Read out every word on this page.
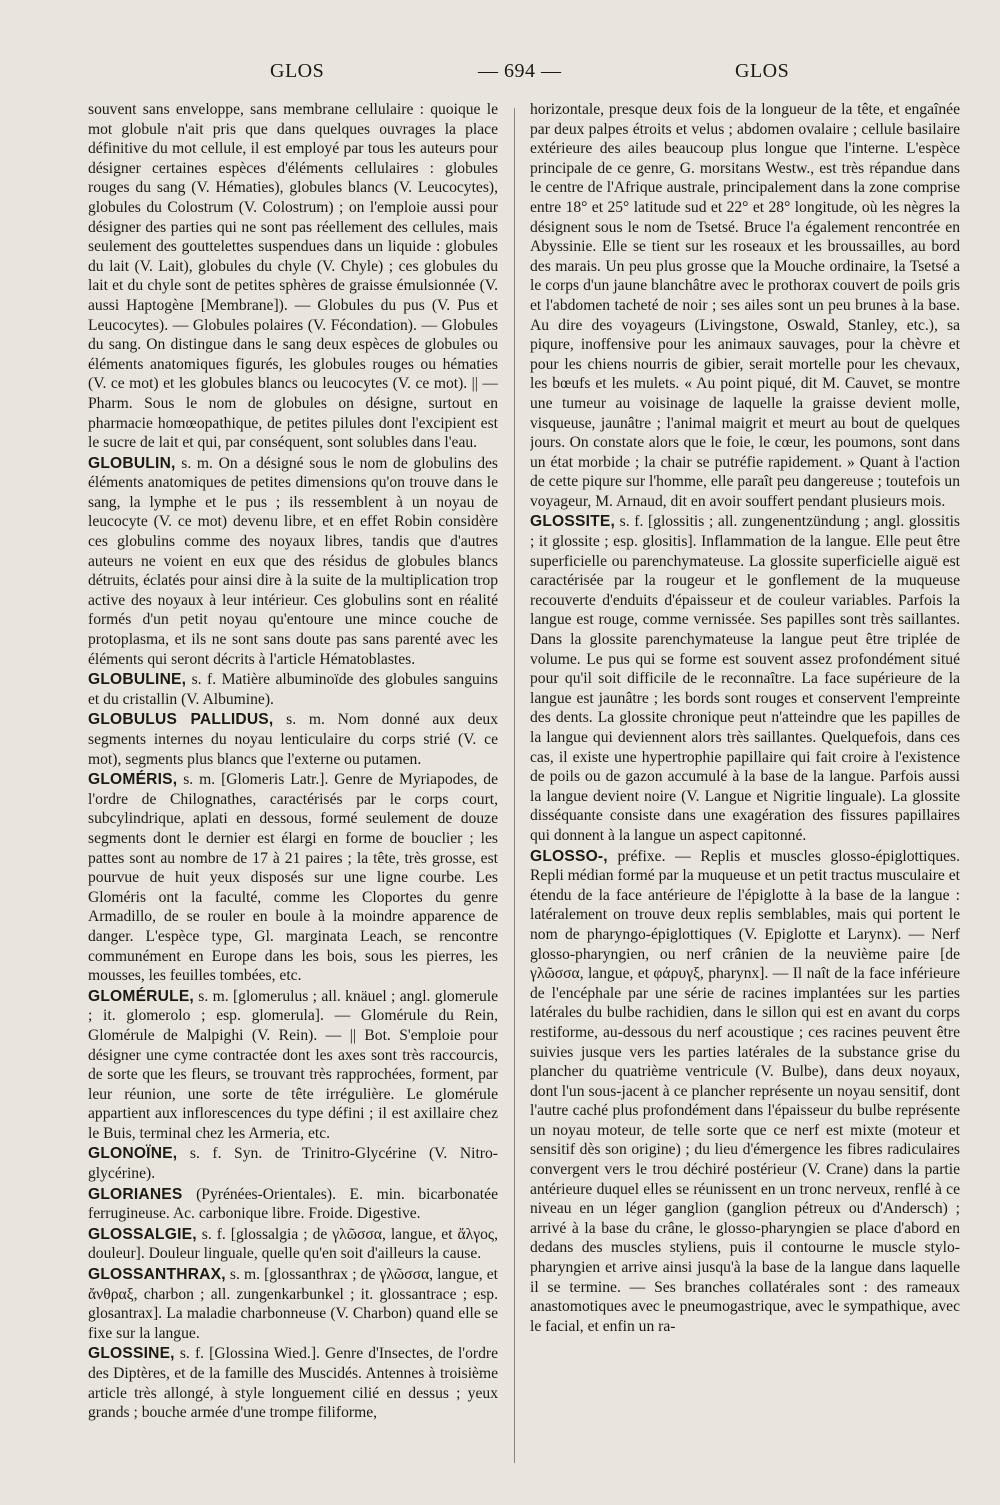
GLOS	— 694 —	GLOS

souvent sans enveloppe, sans membrane cellulaire : quoique le mot globule n'ait pris que dans quelques ouvrages la place définitive du mot cellule, il est employé par tous les auteurs pour désigner certaines espèces d'éléments cellulaires : globules rouges du sang (V. Hématies), globules blancs (V. Leucocytes), globules du Colostrum (V. Colostrum) ; on l'emploie aussi pour désigner des parties qui ne sont pas réellement des cellules, mais seulement des gouttelettes suspendues dans un liquide : globules du lait (V. Lait), globules du chyle (V. Chyle) ; ces globules du lait et du chyle sont de petites sphères de graisse émulsionnée (V. aussi Haptogène [Membrane]). — Globules du pus (V. Pus et Leucocytes). — Globules polaires (V. Fécondation). — Globules du sang. On distingue dans le sang deux espèces de globules ou éléments anatomiques figurés, les globules rouges ou hématies (V. ce mot) et les globules blancs ou leucocytes (V. ce mot). || — Pharm. Sous le nom de globules on désigne, surtout en pharmacie homœopathique, de petites pilules dont l'excipient est le sucre de lait et qui, par conséquent, sont solubles dans l'eau.

GLOBULIN, s. m. On a désigné sous le nom de globulins des éléments anatomiques de petites dimensions qu'on trouve dans le sang, la lymphe et le pus ; ils ressemblent à un noyau de leucocyte (V. ce mot) devenu libre, et en effet Robin considère ces globulins comme des noyaux libres, tandis que d'autres auteurs ne voient en eux que des résidus de globules blancs détruits, éclatés pour ainsi dire à la suite de la multiplication trop active des noyaux à leur intérieur. Ces globulins sont en réalité formés d'un petit noyau qu'entoure une mince couche de protoplasma, et ils ne sont sans doute pas sans parenté avec les éléments qui seront décrits à l'article Hématoblastes.

GLOBULINE, s. f. Matière albuminoïde des globules sanguins et du cristallin (V. Albumine).

GLOBULUS PALLIDUS, s. m. Nom donné aux deux segments internes du noyau lenticulaire du corps strié (V. ce mot), segments plus blancs que l'externe ou putamen.

GLOMÉRIS, s. m. [Glomeris Latr.]. Genre de Myriapodes, de l'ordre de Chilognathes, caractérisés par le corps court, subcylindrique, aplati en dessous, formé seulement de douze segments dont le dernier est élargi en forme de bouclier ; les pattes sont au nombre de 17 à 21 paires ; la tête, très grosse, est pourvue de huit yeux disposés sur une ligne courbe. Les Gloméris ont la faculté, comme les Cloportes du genre Armadillo, de se rouler en boule à la moindre apparence de danger. L'espèce type, Gl. marginata Leach, se rencontre communément en Europe dans les bois, sous les pierres, les mousses, les feuilles tombées, etc.

GLOMÉRULE, s. m. [glomerulus ; all. knäuel ; angl. glomerule ; it. glomerolo ; esp. glomerula]. — Glomérule du Rein, Glomérule de Malpighi (V. Rein). — || Bot. S'emploie pour désigner une cyme contractée dont les axes sont très raccourcis, de sorte que les fleurs, se trouvant très rapprochées, forment, par leur réunion, une sorte de tête irrégulière. Le glomérule appartient aux inflorescences du type défini ; il est axillaire chez le Buis, terminal chez les Armeria, etc.

GLONOÏNE, s. f. Syn. de Trinitro-Glycérine (V. Nitro-glycérine).

GLORIANES (Pyrénées-Orientales). E. min. bicarbonatée ferrugineuse. Ac. carbonique libre. Froide. Digestive.

GLOSSALGIE, s. f. [glossalgia ; de γλῶσσα, langue, et ἄλγος, douleur]. Douleur linguale, quelle qu'en soit d'ailleurs la cause.

GLOSSANTHRAX, s. m. [glossanthrax ; de γλῶσσα, langue, et ἄνθραξ, charbon ; all. zungenkarbunkel ; it. glossantrace ; esp. glosantrax]. La maladie charbonneuse (V. Charbon) quand elle se fixe sur la langue.

GLOSSINE, s. f. [Glossina Wied.]. Genre d'Insectes, de l'ordre des Diptères, et de la famille des Muscidés. Antennes à troisième article très allongé, à style longuement cilié en dessus ; yeux grands ; bouche armée d'une trompe filiforme,

horizontale, presque deux fois de la longueur de la tête, et engaînée par deux palpes étroits et velus ; abdomen ovalaire ; cellule basilaire extérieure des ailes beaucoup plus longue que l'interne. L'espèce principale de ce genre, G. morsitans Westw., est très répandue dans le centre de l'Afrique australe, principalement dans la zone comprise entre 18° et 25° latitude sud et 22° et 28° longitude, où les nègres la désignent sous le nom de Tsetsé. Bruce l'a également rencontrée en Abyssinie. Elle se tient sur les roseaux et les broussailles, au bord des marais. Un peu plus grosse que la Mouche ordinaire, la Tsetsé a le corps d'un jaune blanchâtre avec le prothorax couvert de poils gris et l'abdomen tacheté de noir ; ses ailes sont un peu brunes à la base. Au dire des voyageurs (Livingstone, Oswald, Stanley, etc.), sa piqure, inoffensive pour les animaux sauvages, pour la chèvre et pour les chiens nourris de gibier, serait mortelle pour les chevaux, les bœufs et les mulets. « Au point piqué, dit M. Cauvet, se montre une tumeur au voisinage de laquelle la graisse devient molle, visqueuse, jaunâtre ; l'animal maigrit et meurt au bout de quelques jours. On constate alors que le foie, le cœur, les poumons, sont dans un état morbide ; la chair se putréfie rapidement. » Quant à l'action de cette piqure sur l'homme, elle paraît peu dangereuse ; toutefois un voyageur, M. Arnaud, dit en avoir souffert pendant plusieurs mois.

GLOSSITE, s. f. [glossitis ; all. zungenentzündung ; angl. glossitis ; it glossite ; esp. glositis]. Inflammation de la langue. Elle peut être superficielle ou parenchymateuse. La glossite superficielle aiguë est caractérisée par la rougeur et le gonflement de la muqueuse recouverte d'enduits d'épaisseur et de couleur variables. Parfois la langue est rouge, comme vernissée. Ses papilles sont très saillantes. Dans la glossite parenchymateuse la langue peut être triplée de volume. Le pus qui se forme est souvent assez profondément situé pour qu'il soit difficile de le reconnaître. La face supérieure de la langue est jaunâtre ; les bords sont rouges et conservent l'empreinte des dents. La glossite chronique peut n'atteindre que les papilles de la langue qui deviennent alors très saillantes. Quelquefois, dans ces cas, il existe une hypertrophie papillaire qui fait croire à l'existence de poils ou de gazon accumulé à la base de la langue. Parfois aussi la langue devient noire (V. Langue et Nigritie linguale). La glossite disséquante consiste dans une exagération des fissures papillaires qui donnent à la langue un aspect capitonné.

GLOSSO-, préfixe. — Replis et muscles glosso-épiglottiques. Repli médian formé par la muqueuse et un petit tractus musculaire et étendu de la face antérieure de l'épiglotte à la base de la langue : latéralement on trouve deux replis semblables, mais qui portent le nom de pharyngo-épiglottiques (V. Epiglotte et Larynx). — Nerf glosso-pharyngien, ou nerf crânien de la neuvième paire [de γλῶσσα, langue, et φάρυγξ, pharynx]. — Il naît de la face inférieure de l'encéphale par une série de racines implantées sur les parties latérales du bulbe rachidien, dans le sillon qui est en avant du corps restiforme, au-dessous du nerf acoustique ; ces racines peuvent être suivies jusque vers les parties latérales de la substance grise du plancher du quatrième ventricule (V. Bulbe), dans deux noyaux, dont l'un sous-jacent à ce plancher représente un noyau sensitif, dont l'autre caché plus profondément dans l'épaisseur du bulbe représente un noyau moteur, de telle sorte que ce nerf est mixte (moteur et sensitif dès son origine) ; du lieu d'émergence les fibres radiculaires convergent vers le trou déchiré postérieur (V. Crane) dans la partie antérieure duquel elles se réunissent en un tronc nerveux, renflé à ce niveau en un léger ganglion (ganglion pétreux ou d'Andersch) ; arrivé à la base du crâne, le glosso-pharyngien se place d'abord en dedans des muscles styliens, puis il contourne le muscle stylo-pharyngien et arrive ainsi jusqu'à la base de la langue dans laquelle il se termine. — Ses branches collatérales sont : des rameaux anastomotiques avec le pneumogastrique, avec le sympathique, avec le facial, et enfin un ra-
